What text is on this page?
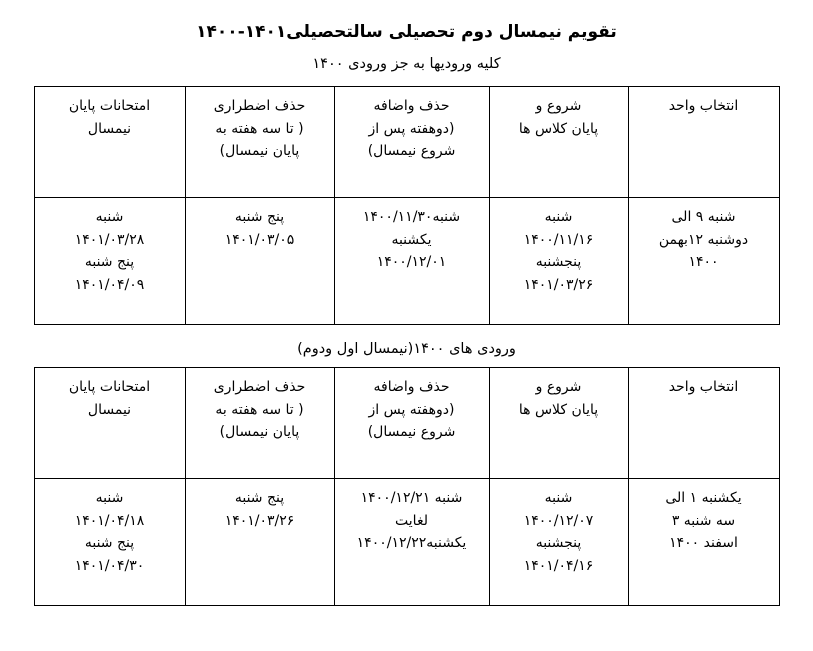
تقویم نیمسال دوم تحصیلی سالتحصیلی۱۴۰۱-۱۴۰۰
کلیه ورودیها به جز ورودی ۱۴۰۰
انتخاب واحد	شروع و
پایان کلاس ها	حذف واضافه
(دوهفته پس از
شروع نیمسال)	حذف اضطراری
( تا سه هفته به
پایان نیمسال)	امتحانات پایان
نیمسال

شنبه ۹ الی
دوشنبه ۱۲بهمن
۱۴۰۰	شنبه
۱۴۰۰/۱۱/۱۶
پنجشنبه
۱۴۰۱/۰۳/۲۶	شنبه۱۴۰۰/۱۱/۳۰
یکشنبه
۱۴۰۰/۱۲/۰۱	پنج شنبه
۱۴۰۱/۰۳/۰۵	شنبه
۱۴۰۱/۰۳/۲۸
پنج شنبه
۱۴۰۱/۰۴/۰۹
ورودی های ۱۴۰۰(نیمسال اول ودوم)
انتخاب واحد	شروع و
پایان کلاس ها	حذف واضافه
(دوهفته پس از
شروع نیمسال)	حذف اضطراری
( تا سه هفته به
پایان نیمسال)	امتحانات پایان
نیمسال

یکشنبه ۱ الی
سه شنبه ۳
اسفند ۱۴۰۰	شنبه
۱۴۰۰/۱۲/۰۷
پنجشنبه
۱۴۰۱/۰۴/۱۶	شنبه ۱۴۰۰/۱۲/۲۱
لغایت
یکشنبه۱۴۰۰/۱۲/۲۲	پنج شنبه
۱۴۰۱/۰۳/۲۶	شنبه
۱۴۰۱/۰۴/۱۸
پنج شنبه
۱۴۰۱/۰۴/۳۰
